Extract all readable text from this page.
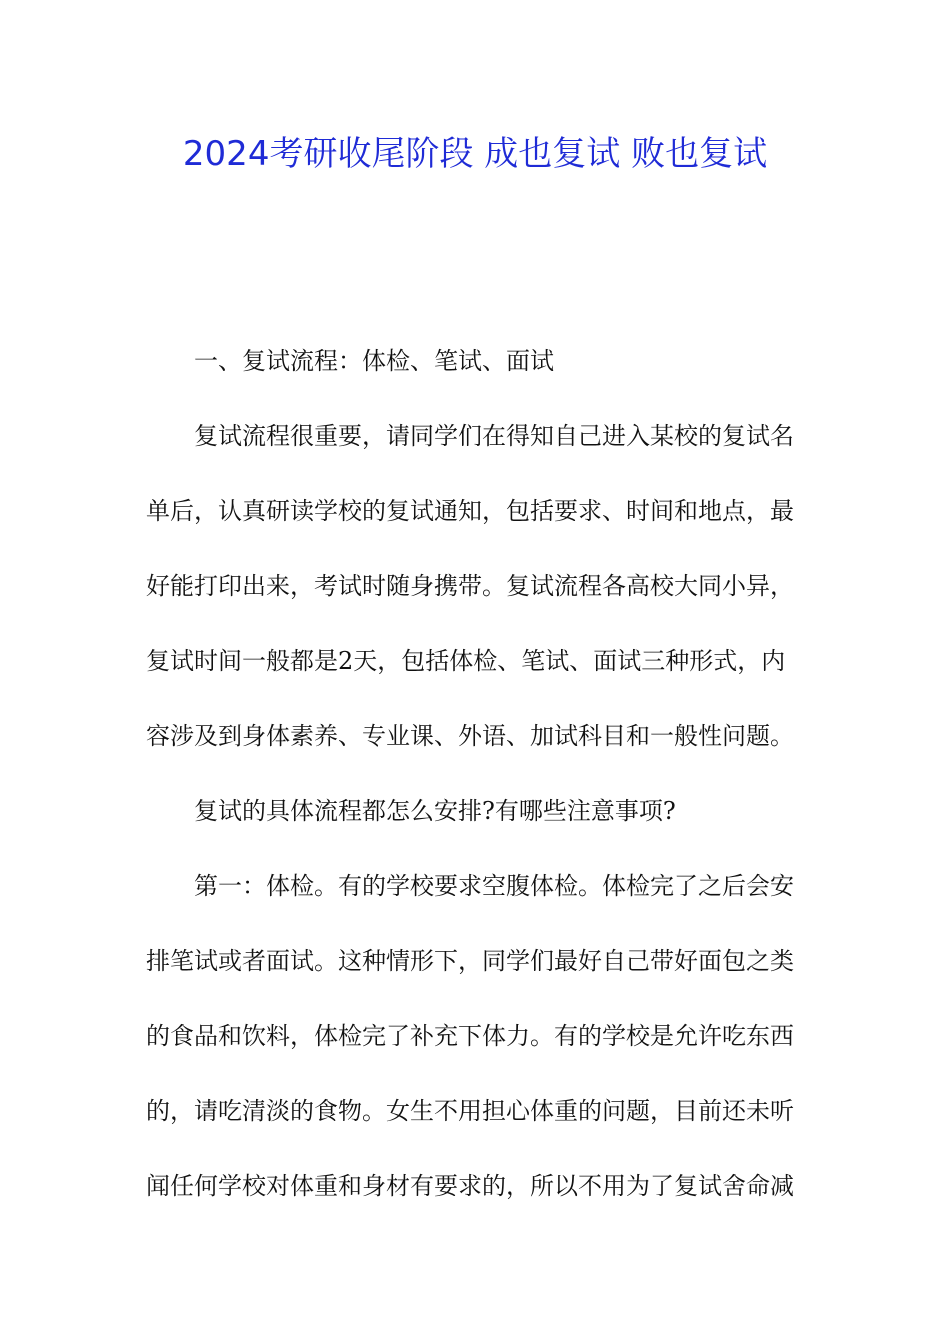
2024考研收尾阶段 成也复试 败也复试
一、复试流程：体检、笔试、面试
复试流程很重要，请同学们在得知自己进入某校的复试名
单后，认真研读学校的复试通知，包括要求、时间和地点，最
好能打印出来，考试时随身携带。复试流程各高校大同小异，
复试时间一般都是2天，包括体检、笔试、面试三种形式，内
容涉及到身体素养、专业课、外语、加试科目和一般性问题。
复试的具体流程都怎么安排?有哪些注意事项?
第一：体检。有的学校要求空腹体检。体检完了之后会安
排笔试或者面试。这种情形下，同学们最好自己带好面包之类
的食品和饮料，体检完了补充下体力。有的学校是允许吃东西
的，请吃清淡的食物。女生不用担心体重的问题，目前还未听
闻任何学校对体重和身材有要求的，所以不用为了复试舍命减
